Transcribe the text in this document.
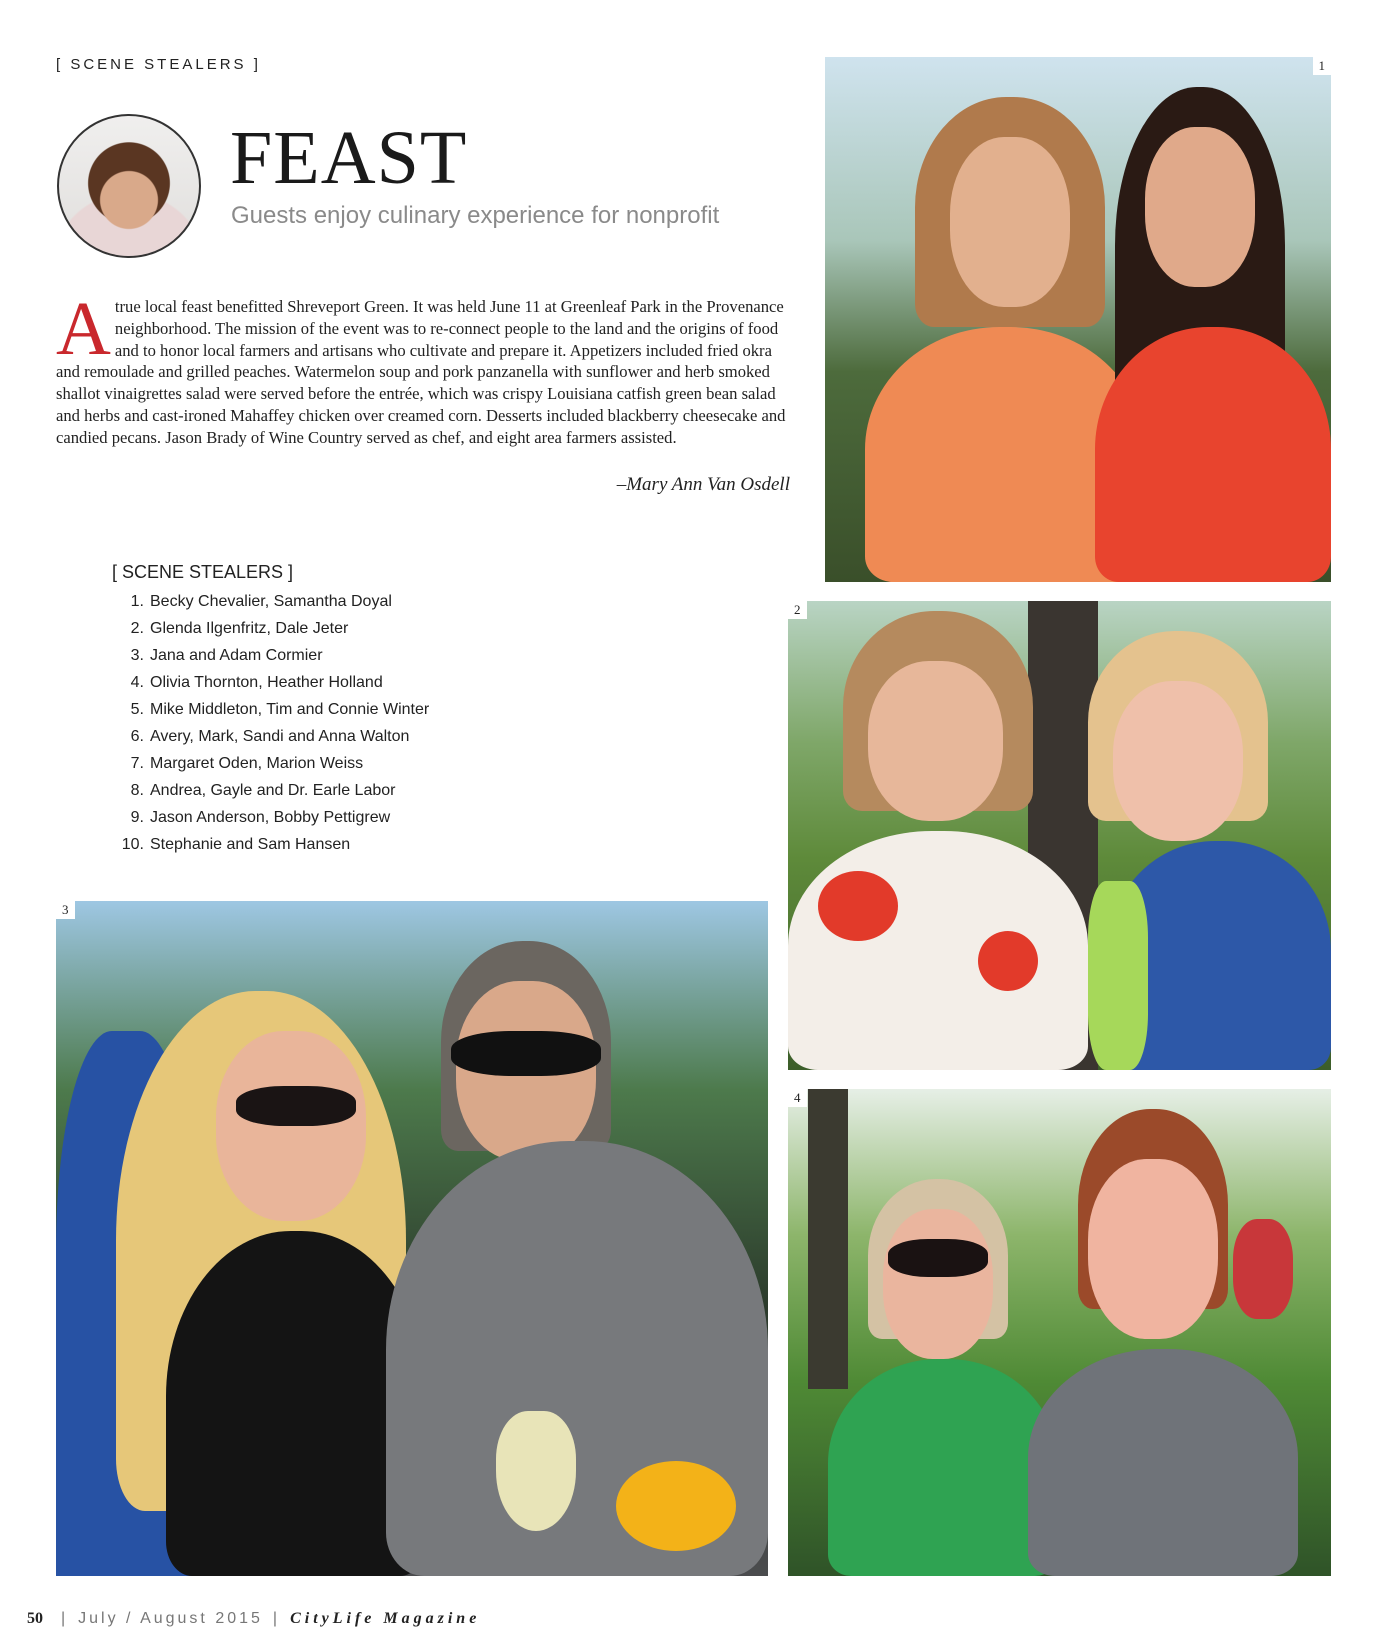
[ SCENE STEALERS ]
FEAST
Guests enjoy culinary experience for nonprofit
Atrue local feast benefitted Shreveport Green. It was held June 11 at Greenleaf Park in the Provenance neighborhood. The mission of the event was to re-connect people to the land and the origins of food and to honor local farmers and artisans who cultivate and prepare it. Appetizers included fried okra and remoulade and grilled peaches. Watermelon soup and pork panzanella with sunflower and herb smoked shallot vinaigrettes salad were served before the entrée, which was crispy Louisiana catfish green bean salad and herbs and cast-ironed Mahaffey chicken over creamed corn. Desserts included blackberry cheesecake and candied pecans. Jason Brady of Wine Country served as chef, and eight area farmers assisted.
–Mary Ann Van Osdell
[ SCENE STEALERS ]
1. Becky Chevalier, Samantha Doyal
2. Glenda Ilgenfritz, Dale Jeter
3. Jana and Adam Cormier
4. Olivia Thornton, Heather Holland
5. Mike Middleton, Tim and Connie Winter
6. Avery, Mark, Sandi and Anna Walton
7. Margaret Oden, Marion Weiss
8. Andrea, Gayle and Dr. Earle Labor
9. Jason Anderson, Bobby Pettigrew
10. Stephanie and Sam Hansen
1
2
3
4
50 | July / August 2015 | CityLife Magazine
